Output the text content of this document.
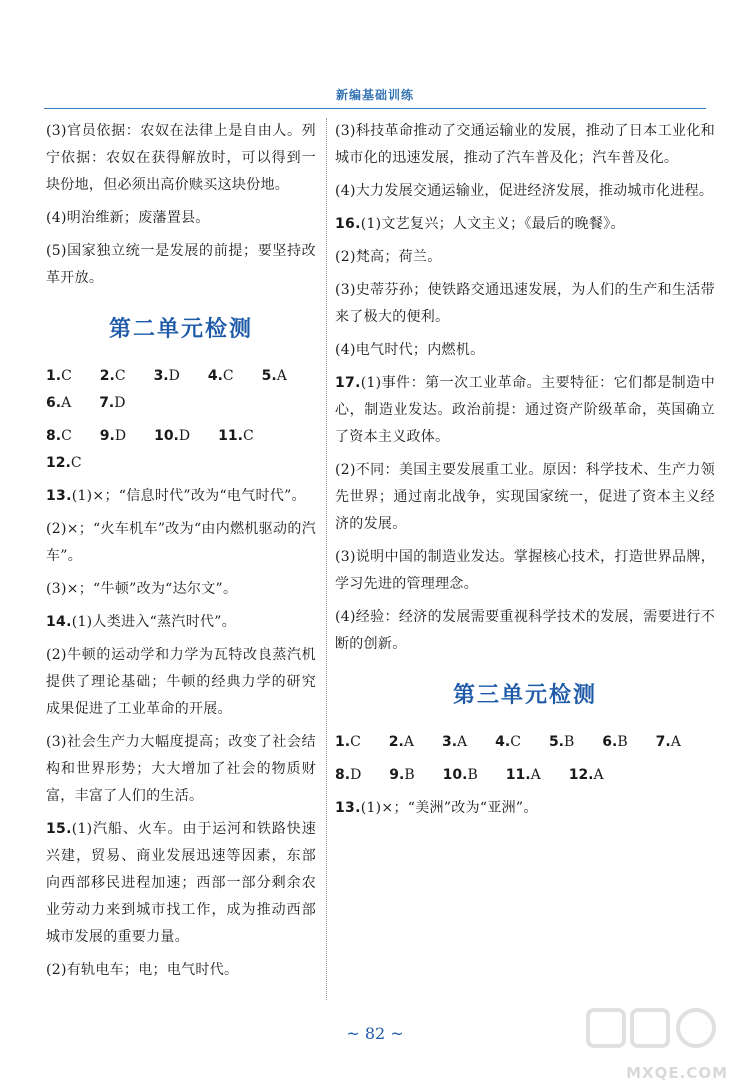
新编基础训练

(3)官员依据：农奴在法律上是自由人。列宁依据：农奴在获得解放时，可以得到一块份地，但必须出高价赎买这块份地。

(4)明治维新；废藩置县。

(5)国家独立统一是发展的前提；要坚持改革开放。

第二单元检测
1.C 2.C 3.D 4.C 5.A6.A 7.D
8.C 9.D 10.D 11.C12.C

13.(1)×；“信息时代”改为“电气时代”。

(2)×；“火车机车”改为“由内燃机驱动的汽车”。

(3)×；“牛顿”改为“达尔文”。

14.(1)人类进入“蒸汽时代”。

(2)牛顿的运动学和力学为瓦特改良蒸汽机提供了理论基础；牛顿的经典力学的研究成果促进了工业革命的开展。

(3)社会生产力大幅度提高；改变了社会结构和世界形势；大大增加了社会的物质财富，丰富了人们的生活。

15.(1)汽船、火车。由于运河和铁路快速兴建，贸易、商业发展迅速等因素，东部向西部移民进程加速；西部一部分剩余农业劳动力来到城市找工作，成为推动西部城市发展的重要力量。

(2)有轨电车；电；电气时代。

(3)科技革命推动了交通运输业的发展，推动了日本工业化和城市化的迅速发展，推动了汽车普及化；汽车普及化。

(4)大力发展交通运输业，促进经济发展，推动城市化进程。

16.(1)文艺复兴；人文主义；《最后的晚餐》。

(2)梵高；荷兰。

(3)史蒂芬孙；使铁路交通迅速发展，为人们的生产和生活带来了极大的便利。

(4)电气时代；内燃机。

17.(1)事件：第一次工业革命。主要特征：它们都是制造中心，制造业发达。政治前提：通过资产阶级革命，英国确立了资本主义政体。

(2)不同：美国主要发展重工业。原因：科学技术、生产力领先世界；通过南北战争，实现国家统一，促进了资本主义经济的发展。

(3)说明中国的制造业发达。掌握核心技术，打造世界品牌，学习先进的管理理念。

(4)经验：经济的发展需要重视科学技术的发展，需要进行不断的创新。

第三单元检测
1.C 2.A 3.A 4.C 5.B 6.B 7.A
8.D 9.B 10.B 11.A 12.A

13.(1)×；“美洲”改为“亚洲”。

~ 82 ~
MXQE.COM
